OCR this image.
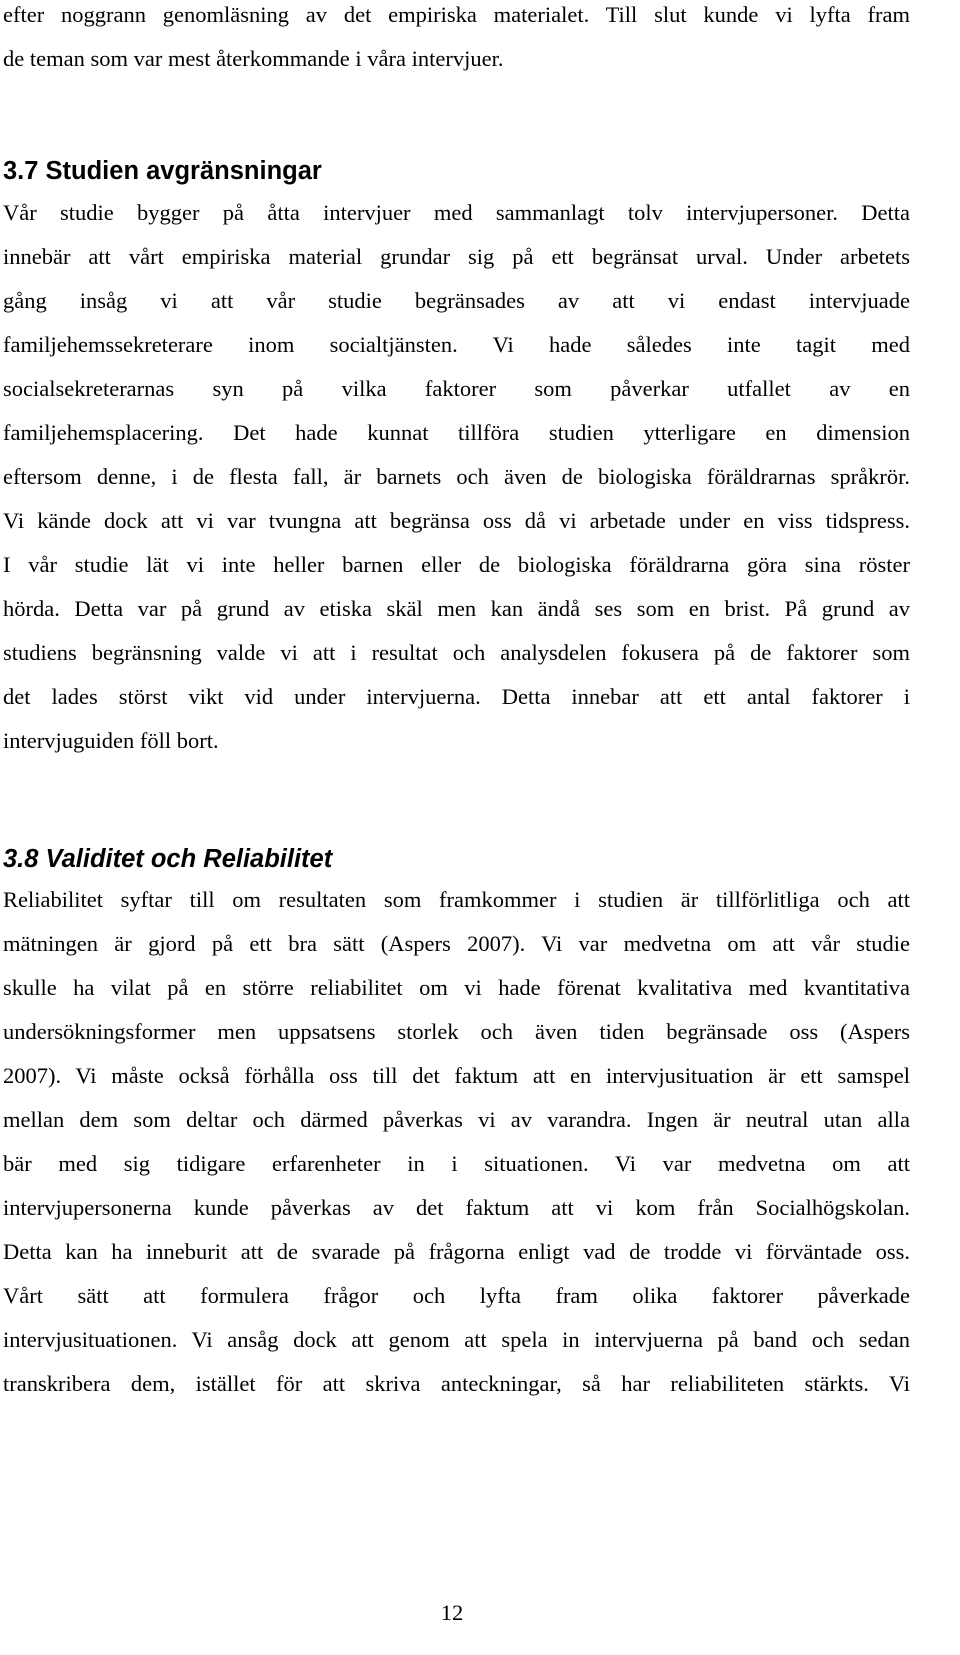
efter noggrann genomläsning av det empiriska materialet. Till slut kunde vi lyfta fram
de teman som var mest återkommande i våra intervjuer.
3.7 Studien avgränsningar
Vår studie bygger på åtta intervjuer med sammanlagt tolv intervjupersoner. Detta
innebär att vårt empiriska material grundar sig på ett begränsat urval. Under arbetets
gång insåg vi att vår studie begränsades av att vi endast intervjuade
familjehemssekreterare inom socialtjänsten. Vi hade således inte tagit med
socialsekreterarnas syn på vilka faktorer som påverkar utfallet av en
familjehemsplacering. Det hade kunnat tillföra studien ytterligare en dimension
eftersom denne, i de flesta fall, är barnets och även de biologiska föräldrarnas språkrör.
Vi kände dock att vi var tvungna att begränsa oss då vi arbetade under en viss tidspress.
I vår studie lät vi inte heller barnen eller de biologiska föräldrarna göra sina röster
hörda. Detta var på grund av etiska skäl men kan ändå ses som en brist. På grund av
studiens begränsning valde vi att i resultat och analysdelen fokusera på de faktorer som
det lades störst vikt vid under intervjuerna. Detta innebar att ett antal faktorer i
intervjuguiden föll bort.
3.8 Validitet och Reliabilitet
Reliabilitet syftar till om resultaten som framkommer i studien är tillförlitliga och att
mätningen är gjord på ett bra sätt (Aspers 2007). Vi var medvetna om att vår studie
skulle ha vilat på en större reliabilitet om vi hade förenat kvalitativa med kvantitativa
undersökningsformer men uppsatsens storlek och även tiden begränsade oss (Aspers
2007). Vi måste också förhålla oss till det faktum att en intervjusituation är ett samspel
mellan dem som deltar och därmed påverkas vi av varandra. Ingen är neutral utan alla
bär med sig tidigare erfarenheter in i situationen. Vi var medvetna om att
intervjupersonerna kunde påverkas av det faktum att vi kom från Socialhögskolan.
Detta kan ha inneburit att de svarade på frågorna enligt vad de trodde vi förväntade oss.
Vårt sätt att formulera frågor och lyfta fram olika faktorer påverkade
intervjusituationen. Vi ansåg dock att genom att spela in intervjuerna på band och sedan
transkribera dem, istället för att skriva anteckningar, så har reliabiliteten stärkts. Vi
12
